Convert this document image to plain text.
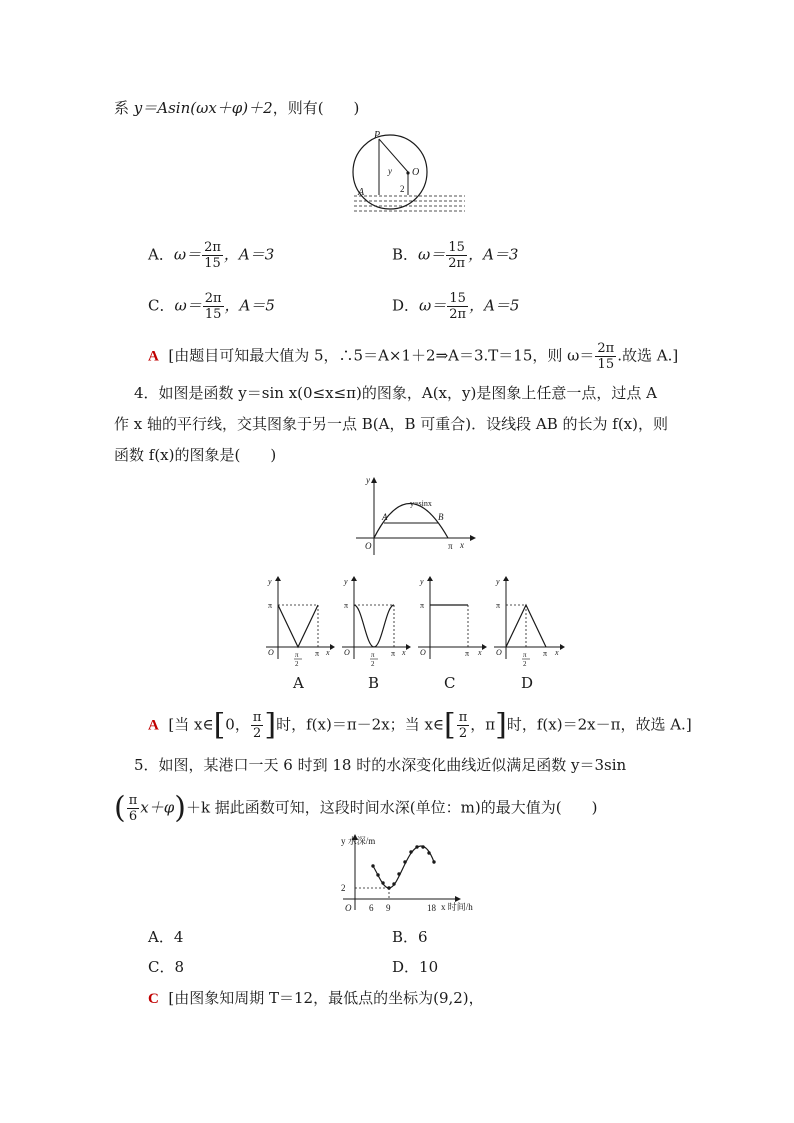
系 y＝Asin(ωx＋φ)＋2，则有(　　)
P
O
y
2
A
A．$\omega= \frac{2\pi}{15}$ ，A＝3	B．$\omega= \frac{15}{2\pi}$ ，A＝3
C．$\omega= \frac{2\pi}{15}$ ，A＝5	D．$\omega= \frac{15}{2\pi}$ ，A＝5
A [由题目可知最大值为 5，∴5＝A×1＋2⇒A＝3.T＝15，则 $\omega= \frac{2\pi}{15}$ .故选 A.]
4．如图是函数 y＝sin x(0≤x≤π)的图象，A(x，y)是图象上任意一点，过点 A
作 x 轴的平行线，交其图象于另一点 B(A，B 可重合)．设线段 AB 的长为 f(x)，则
函数 f(x)的图象是(　　)
y
O
A	B
y=sinx
π x
y
π
O	π
2
π x
y
π
O	π
2
π x
y
π
O	π x
y
π
O	π
2
π x
A	B	C	D
A [当 x∈[0， $\frac{\pi}{2}$ ]时，f(x)＝π－2x；当 x∈[ $\frac{\pi}{2}$ ，π]时，f(x)＝2x－π，故选 A.]
5．如图，某港口一天 6 时到 18 时的水深变化曲线近似满足函数 y＝3sin
( $\frac{\pi}{6} x+\varphi)+k$ 据此函数可知，这段时间水深(单位：m)的最大值为(　　)
y 水深/m
x 时间/h
O
2
6 9	18
A．4	B．6
C．8	D．10
C [由图象知周期 T＝12，最低点的坐标为(9,2)，
